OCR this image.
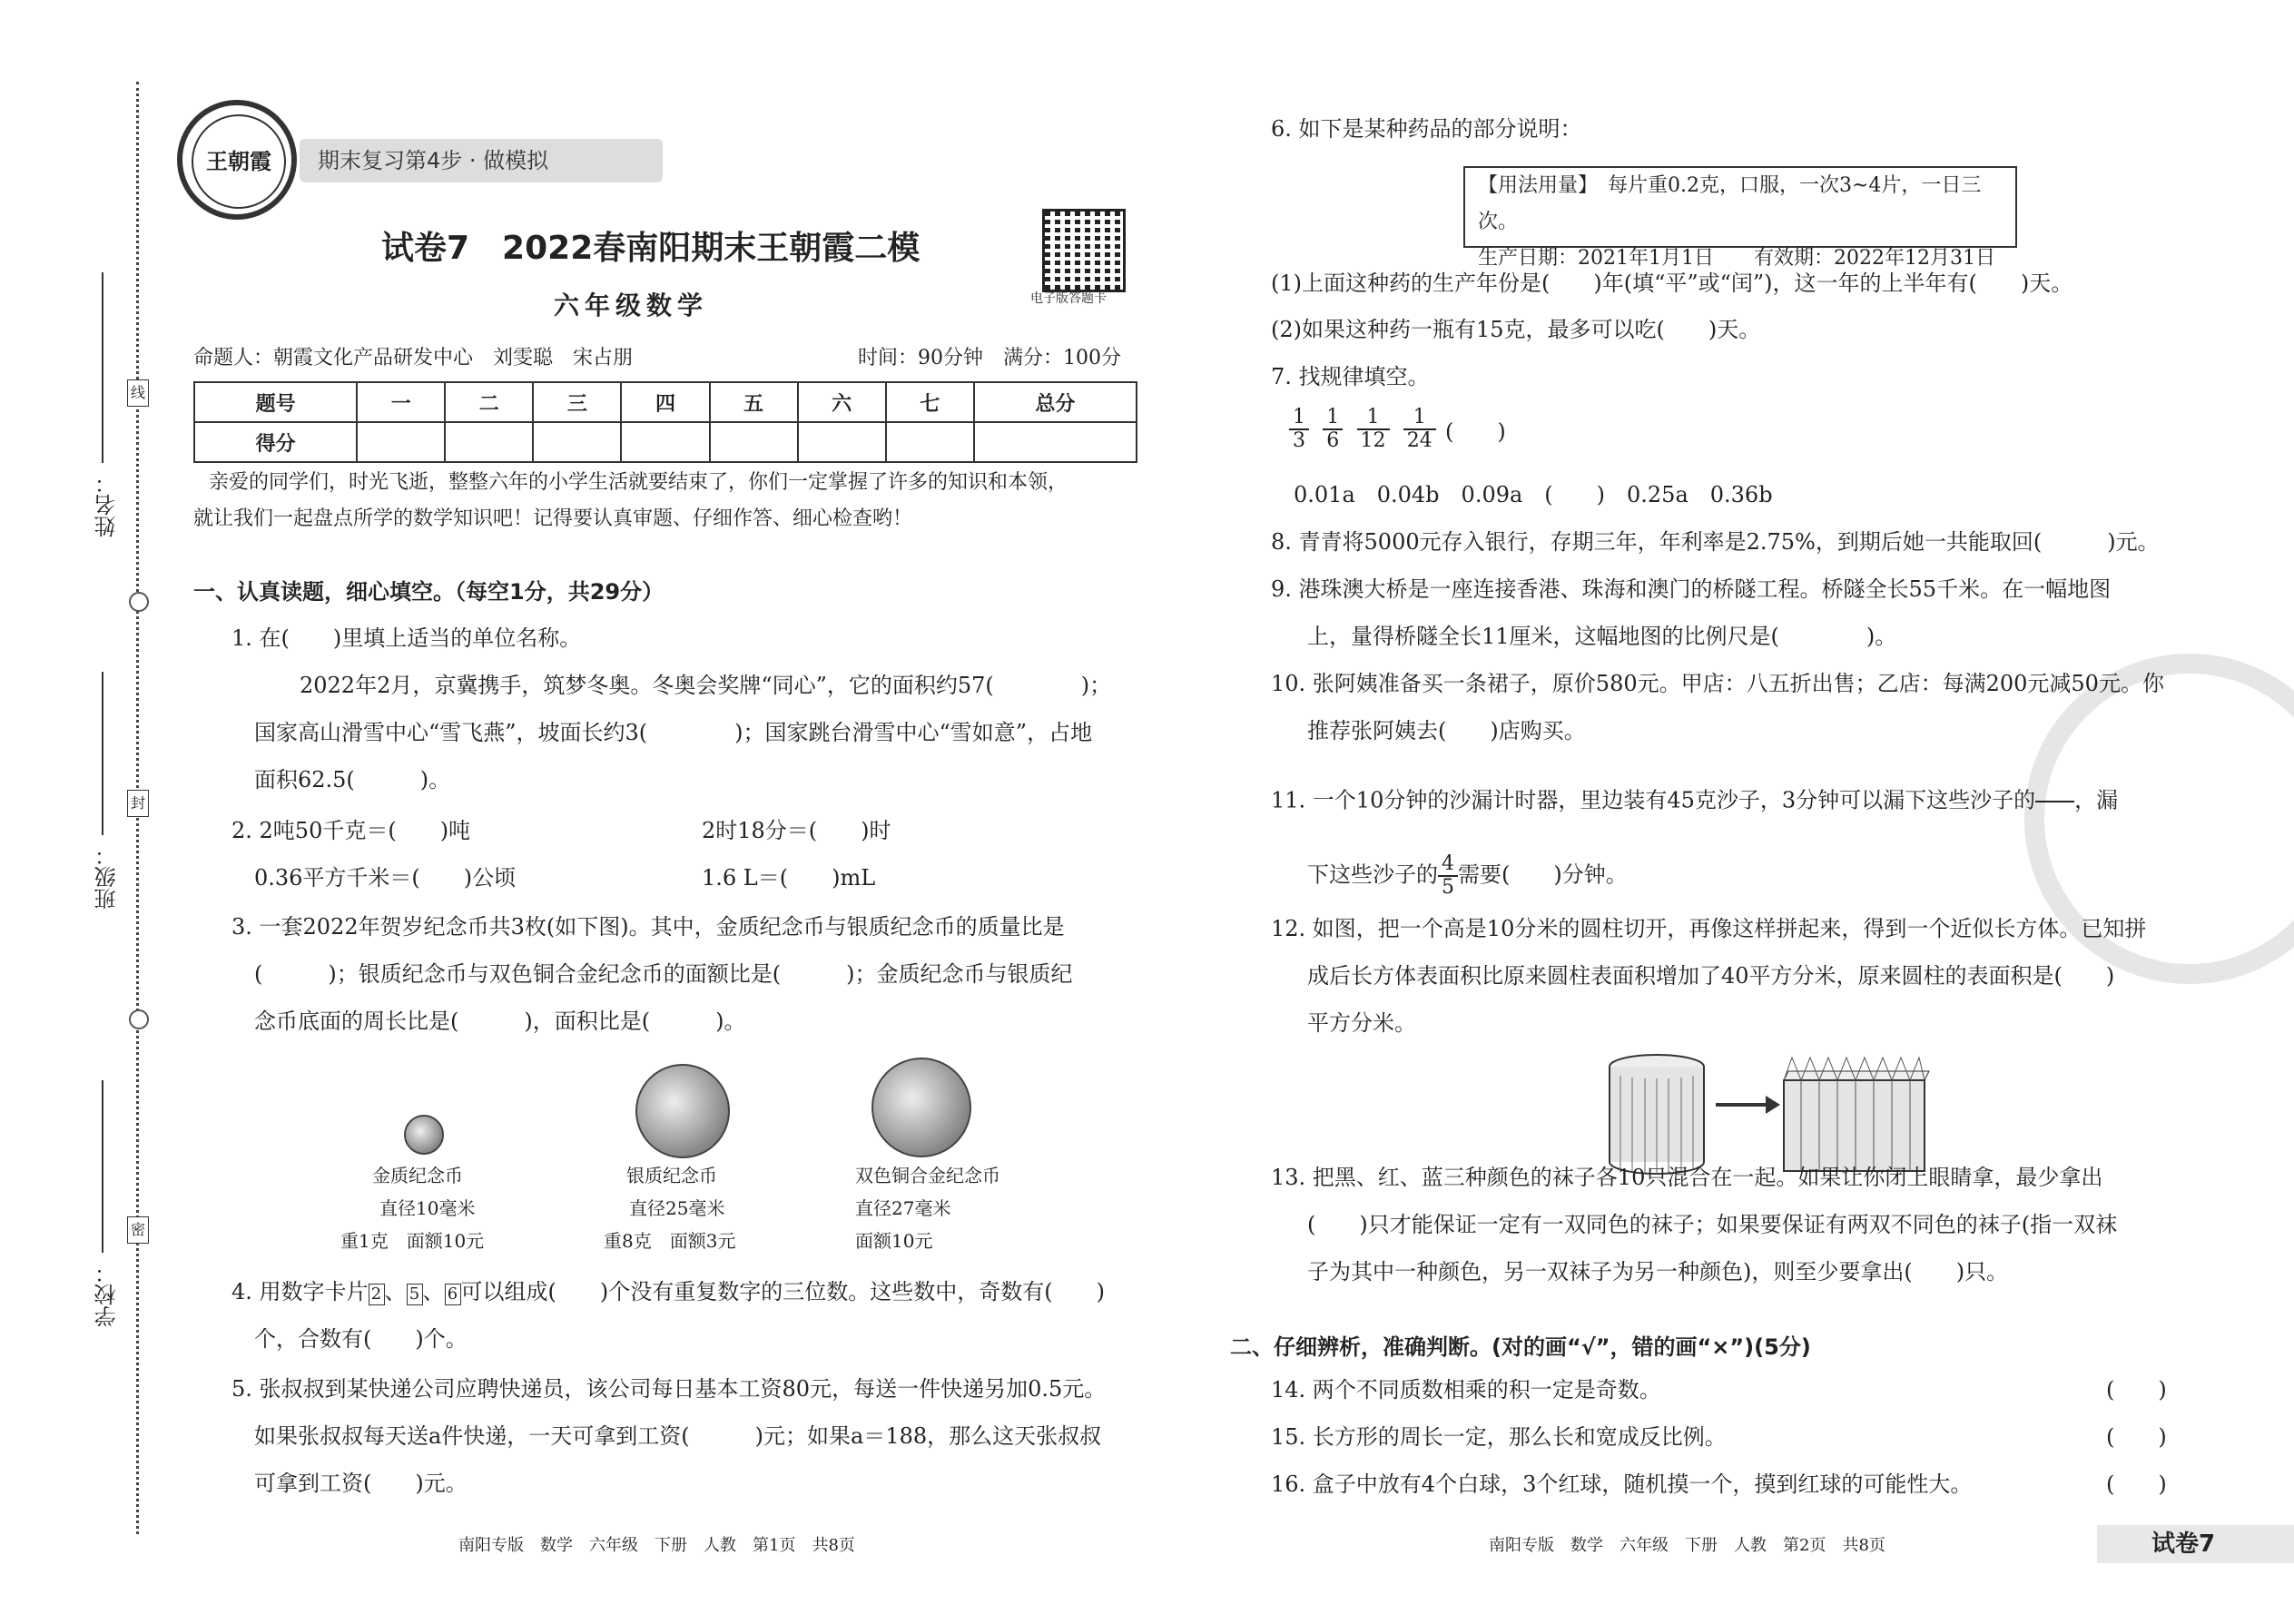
姓名：
班级：
学校：
线
封
密
王朝霞	期末复习第4步 · 做模拟
试卷7　2022春南阳期末王朝霞二模
六年级数学	电子版答题卡
命题人：朝霞文化产品研发中心　刘雯聪　宋占朋	时间：90分钟　满分：100分
题号	一	二	三	四	五	六	七	总分
得分								
亲爱的同学们，时光飞逝，整整六年的小学生活就要结束了，你们一定掌握了许多的知识和本领，
就让我们一起盘点所学的数学知识吧！记得要认真审题、仔细作答、细心检查哟！
一、认真读题，细心填空。（每空1分，共29分）
1. 在(　　)里填上适当的单位名称。
2022年2月，京冀携手，筑梦冬奥。冬奥会奖牌“同心”，它的面积约57(　　　　)；
国家高山滑雪中心“雪飞燕”，坡面长约3(　　　　)；国家跳台滑雪中心“雪如意”，占地
面积62.5(　　　)。
2. 2吨50千克＝(　　)吨	2时18分＝(　　)时
0.36平方千米＝(　　)公顷	1.6 L＝(　　)mL
3. 一套2022年贺岁纪念币共3枚(如下图)。其中，金质纪念币与银质纪念币的质量比是
(　　　)；银质纪念币与双色铜合金纪念币的面额比是(　　　)；金质纪念币与银质纪
念币底面的周长比是(　　　)，面积比是(　　　)。
金质纪念币
直径10毫米
重1克　面额10元
银质纪念币
直径25毫米
重8克　面额3元
双色铜合金纪念币
直径27毫米
面额10元
4. 用数字卡片 2 、 5 、 6 可以组成(　　)个没有重复数字的三位数。这些数中，奇数有(　　)
个，合数有(　　)个。
5. 张叔叔到某快递公司应聘快递员，该公司每日基本工资80元，每送一件快递另加0.5元。
如果张叔叔每天送a件快递，一天可拿到工资(　　　)元；如果a＝188，那么这天张叔叔
可拿到工资(　　)元。
南阳专版　数学　六年级　下册　人教　第1页　共8页
6. 如下是某种药品的部分说明：
【用法用量】　每片重0.2克，口服，一次3~4片，一日三次。
生产日期：2021年1月1日　　有效期：2022年12月31日
(1)上面这种药的生产年份是(　　)年(填“平”或“闰”)，这一年的上半年有(　　)天。
(2)如果这种药一瓶有15克，最多可以吃(　　)天。
7. 找规律填空。
$\frac{1}{3}$
$\frac{1}{6}$
$\frac{1}{12}$
$\frac{1}{24}$ (　　)
0.01a　0.04b　0.09a　(　　)　0.25a　0.36b
8. 青青将5000元存入银行，存期三年，年利率是2.75%，到期后她一共能取回(　　　)元。
9. 港珠澳大桥是一座连接香港、珠海和澳门的桥隧工程。桥隧全长55千米。在一幅地图
上，量得桥隧全长11厘米，这幅地图的比例尺是(　　　　)。
10. 张阿姨准备买一条裙子，原价580元。甲店：八五折出售；乙店：每满200元减50元。你
推荐张阿姨去(　　)店购买。
11. 一个10分钟的沙漏计时器，里边装有45克沙子，3分钟可以漏下这些沙子的

，漏
下这些沙子的 $\frac{4}{5}$ 需要(　　)分钟。
12. 如图，把一个高是10分米的圆柱切开，再像这样拼起来，得到一个近似长方体。已知拼
成后长方体表面积比原来圆柱表面积增加了40平方分米，原来圆柱的表面积是(　　)
平方分米。
13. 把黑、红、蓝三种颜色的袜子各10只混合在一起。如果让你闭上眼睛拿，最少拿出
(　　)只才能保证一定有一双同色的袜子；如果要保证有两双不同色的袜子(指一双袜
子为其中一种颜色，另一双袜子为另一种颜色)，则至少要拿出(　　)只。
二、仔细辨析，准确判断。(对的画“√”，错的画“×”)(5分)
14. 两个不同质数相乘的积一定是奇数。	(　　)
15. 长方形的周长一定，那么长和宽成反比例。	(　　)
16. 盒子中放有4个白球，3个红球，随机摸一个，摸到红球的可能性大。	(　　)
南阳专版　数学　六年级　下册　人教　第2页　共8页	试卷7
